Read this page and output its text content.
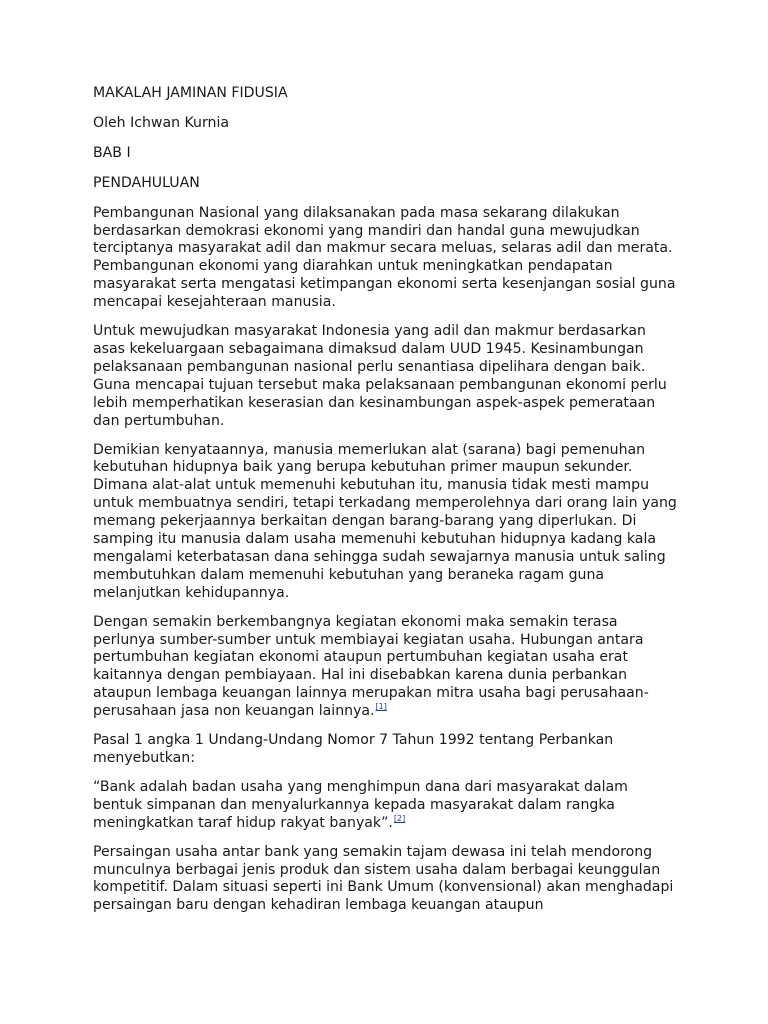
MAKALAH JAMINAN FIDUSIA

Oleh Ichwan Kurnia

BAB I

PENDAHULUAN

Pembangunan Nasional yang dilaksanakan pada masa sekarang dilakukan berdasarkan demokrasi ekonomi yang mandiri dan handal guna mewujudkan terciptanya masyarakat adil dan makmur secara meluas, selaras adil dan merata. Pembangunan ekonomi yang diarahkan untuk meningkatkan pendapatan masyarakat serta mengatasi ketimpangan ekonomi serta kesenjangan sosial guna mencapai kesejahteraan manusia.

Untuk mewujudkan masyarakat Indonesia yang adil dan makmur berdasarkan asas kekeluargaan sebagaimana dimaksud dalam UUD 1945. Kesinambungan pelaksanaan pembangunan nasional perlu senantiasa dipelihara dengan baik. Guna mencapai tujuan tersebut maka pelaksanaan pembangunan ekonomi perlu lebih memperhatikan keserasian dan kesinambungan aspek-aspek pemerataan dan pertumbuhan.

Demikian kenyataannya, manusia memerlukan alat (sarana) bagi pemenuhan kebutuhan hidupnya baik yang berupa kebutuhan primer maupun sekunder. Dimana alat-alat untuk memenuhi kebutuhan itu, manusia tidak mesti mampu untuk membuatnya sendiri, tetapi terkadang memperolehnya dari orang lain yang memang pekerjaannya berkaitan dengan barang-barang yang diperlukan. Di samping itu manusia dalam usaha memenuhi kebutuhan hidupnya kadang kala mengalami keterbatasan dana sehingga sudah sewajarnya manusia untuk saling membutuhkan dalam memenuhi kebutuhan yang beraneka ragam guna melanjutkan kehidupannya.

Dengan semakin berkembangnya kegiatan ekonomi maka semakin terasa perlunya sumber-sumber untuk membiayai kegiatan usaha. Hubungan antara pertumbuhan kegiatan ekonomi ataupun pertumbuhan kegiatan usaha erat kaitannya dengan pembiayaan. Hal ini disebabkan karena dunia perbankan ataupun lembaga keuangan lainnya merupakan mitra usaha bagi perusahaan-perusahaan jasa non keuangan lainnya.[1]

Pasal 1 angka 1 Undang-Undang Nomor 7 Tahun 1992 tentang Perbankan menyebutkan:

“Bank adalah badan usaha yang menghimpun dana dari masyarakat dalam bentuk simpanan dan menyalurkannya kepada masyarakat dalam rangka meningkatkan taraf hidup rakyat banyak”.[2]

Persaingan usaha antar bank yang semakin tajam dewasa ini telah mendorong munculnya berbagai jenis produk dan sistem usaha dalam berbagai keunggulan kompetitif. Dalam situasi seperti ini Bank Umum (konvensional) akan menghadapi persaingan baru dengan kehadiran lembaga keuangan ataupun
